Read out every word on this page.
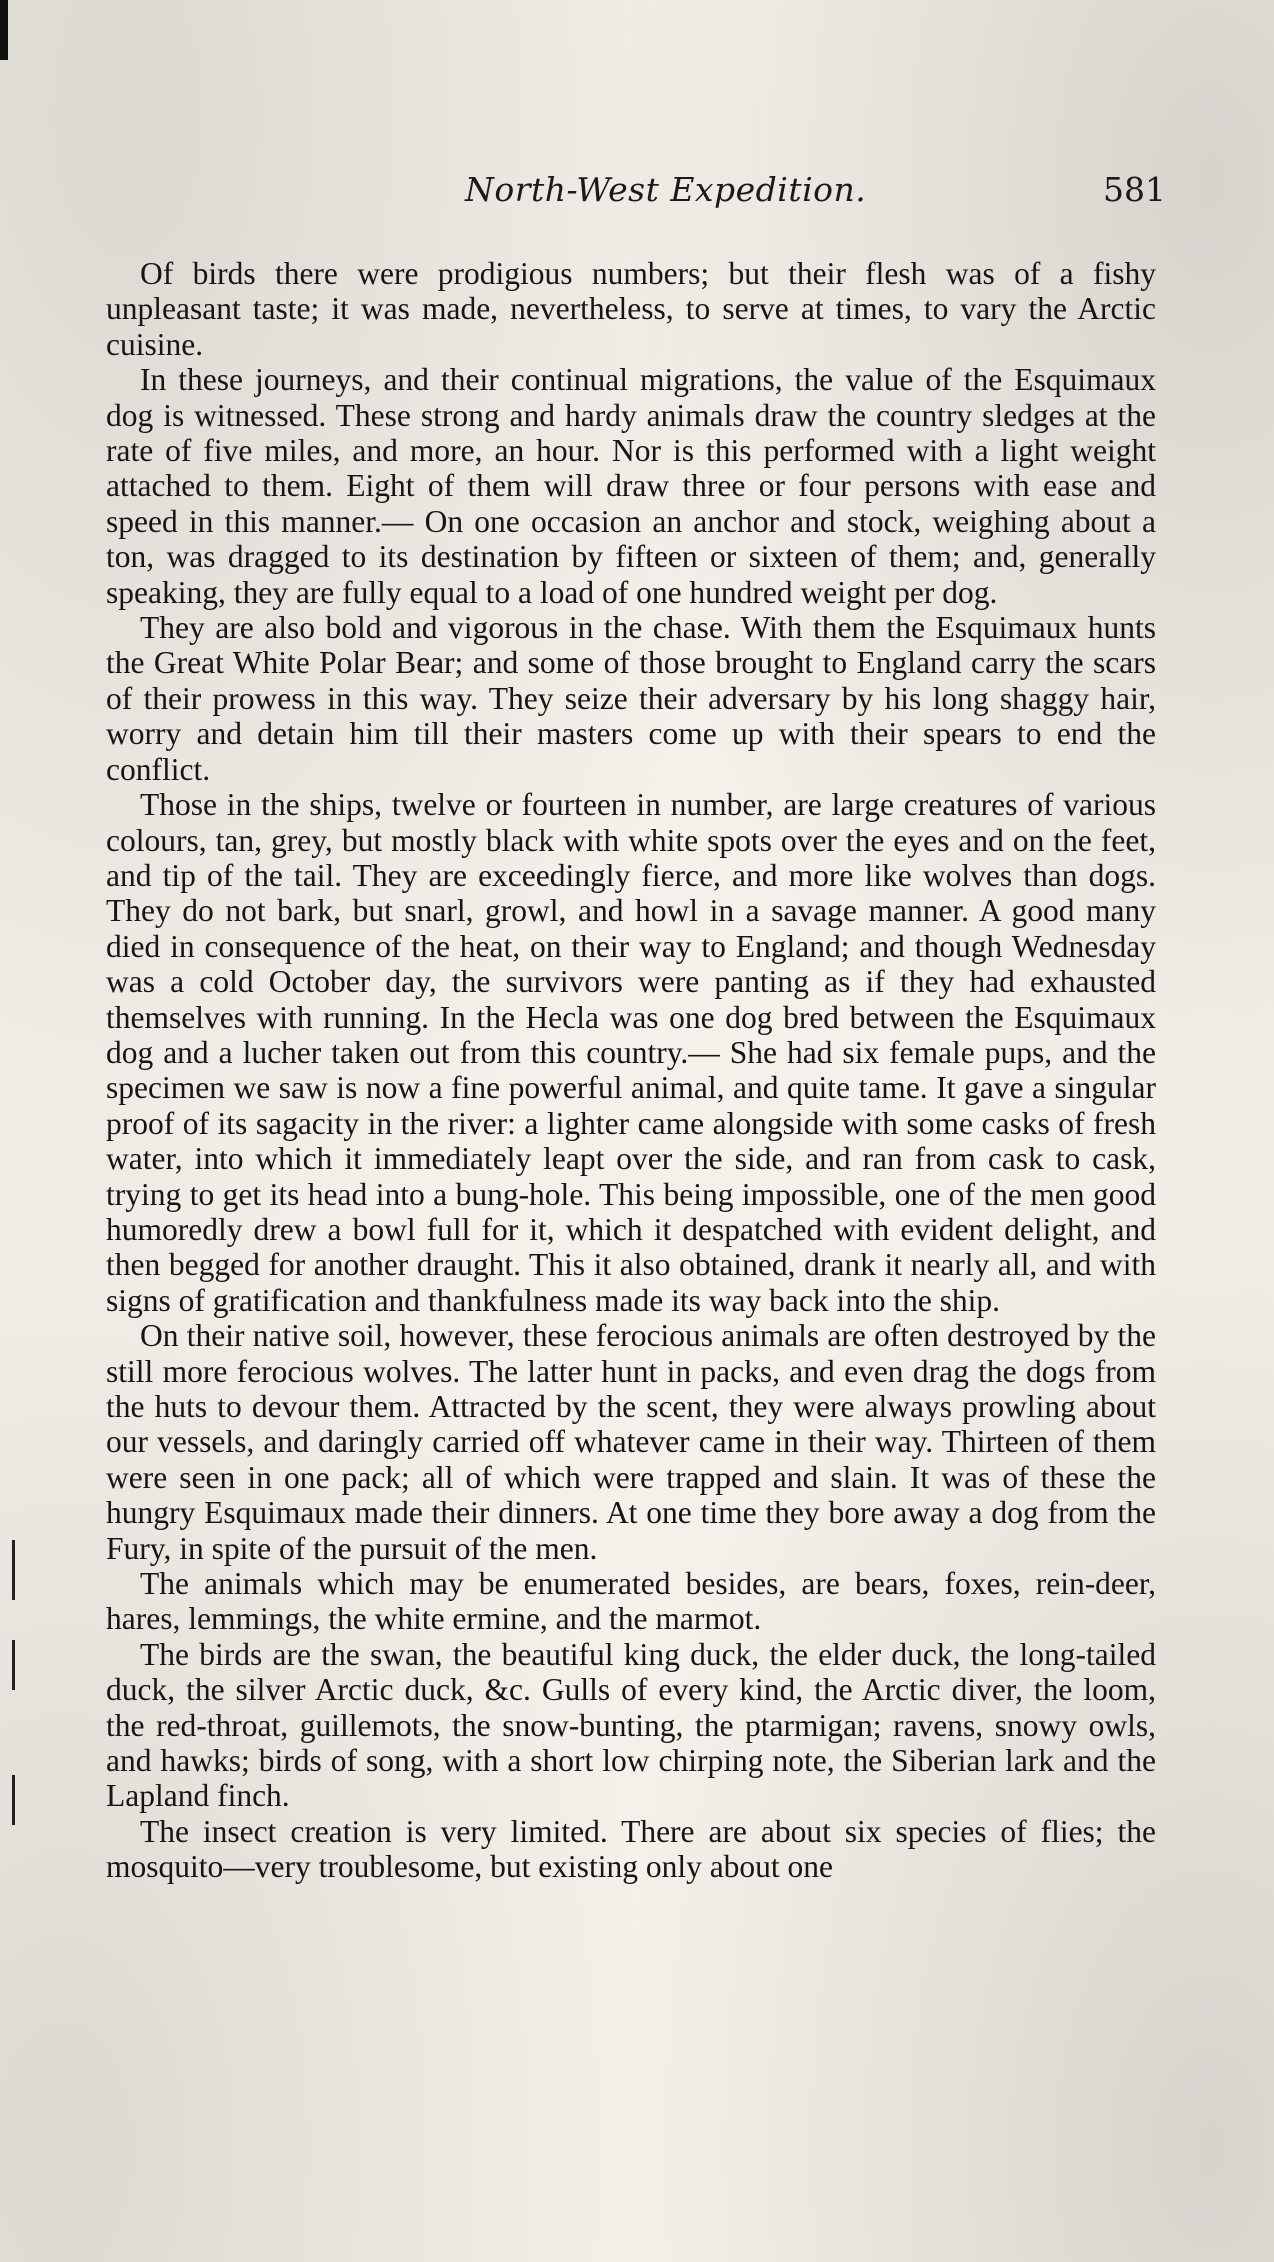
North-West Expedition.	581

Of birds there were prodigious numbers; but their flesh was of a fishy unpleasant taste; it was made, nevertheless, to serve at times, to vary the Arctic cuisine.

In these journeys, and their continual migrations, the value of the Esquimaux dog is witnessed. These strong and hardy animals draw the country sledges at the rate of five miles, and more, an hour. Nor is this performed with a light weight attached to them. Eight of them will draw three or four persons with ease and speed in this manner.— On one occasion an anchor and stock, weighing about a ton, was dragged to its destination by fifteen or sixteen of them; and, generally speaking, they are fully equal to a load of one hundred weight per dog.

They are also bold and vigorous in the chase. With them the Esquimaux hunts the Great White Polar Bear; and some of those brought to England carry the scars of their prowess in this way. They seize their adversary by his long shaggy hair, worry and detain him till their masters come up with their spears to end the conflict.

Those in the ships, twelve or fourteen in number, are large creatures of various colours, tan, grey, but mostly black with white spots over the eyes and on the feet, and tip of the tail. They are exceedingly fierce, and more like wolves than dogs. They do not bark, but snarl, growl, and howl in a savage manner. A good many died in consequence of the heat, on their way to England; and though Wednesday was a cold October day, the survivors were panting as if they had exhausted themselves with running. In the Hecla was one dog bred between the Esquimaux dog and a lucher taken out from this country.— She had six female pups, and the specimen we saw is now a fine powerful animal, and quite tame. It gave a singular proof of its sagacity in the river: a lighter came alongside with some casks of fresh water, into which it immediately leapt over the side, and ran from cask to cask, trying to get its head into a bung-hole. This being impossible, one of the men good humoredly drew a bowl full for it, which it despatched with evident delight, and then begged for another draught. This it also obtained, drank it nearly all, and with signs of gratification and thankfulness made its way back into the ship.

On their native soil, however, these ferocious animals are often destroyed by the still more ferocious wolves. The latter hunt in packs, and even drag the dogs from the huts to devour them. Attracted by the scent, they were always prowling about our vessels, and daringly carried off whatever came in their way. Thirteen of them were seen in one pack; all of which were trapped and slain. It was of these the hungry Esquimaux made their dinners. At one time they bore away a dog from the Fury, in spite of the pursuit of the men.

The animals which may be enumerated besides, are bears, foxes, rein-deer, hares, lemmings, the white ermine, and the marmot.

The birds are the swan, the beautiful king duck, the elder duck, the long-tailed duck, the silver Arctic duck, &c. Gulls of every kind, the Arctic diver, the loom, the red-throat, guillemots, the snow-bunting, the ptarmigan; ravens, snowy owls, and hawks; birds of song, with a short low chirping note, the Siberian lark and the Lapland finch.

The insect creation is very limited. There are about six species of flies; the mosquito—very troublesome, but existing only about one
